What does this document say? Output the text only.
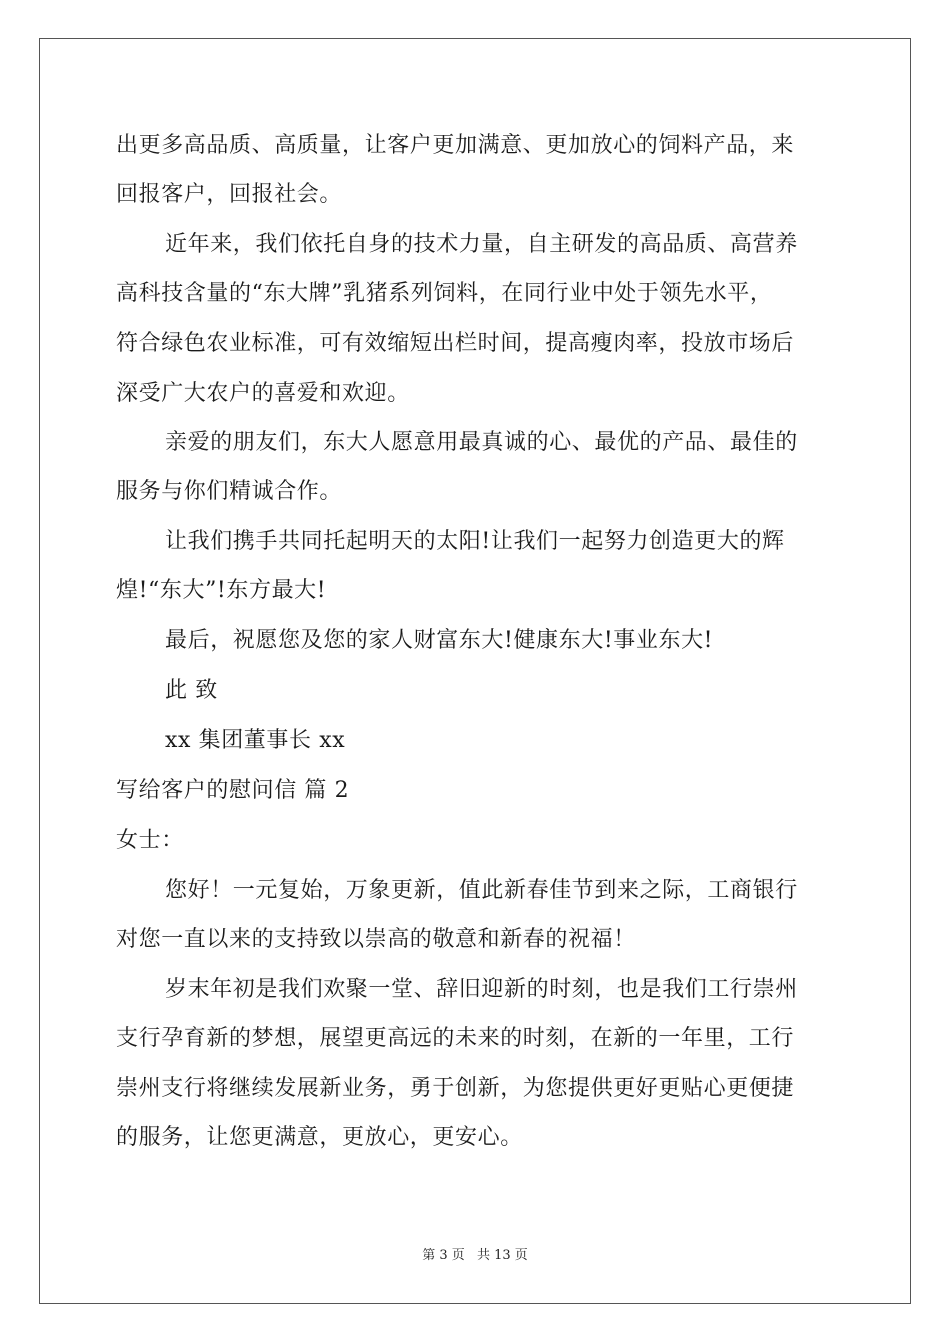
出更多高品质、高质量，让客户更加满意、更加放心的饲料产品，来
回报客户，回报社会。
近年来，我们依托自身的技术力量，自主研发的高品质、高营养
高科技含量的“东大牌”乳猪系列饲料，在同行业中处于领先水平，
符合绿色农业标准，可有效缩短出栏时间，提高瘦肉率，投放市场后
深受广大农户的喜爱和欢迎。
亲爱的朋友们，东大人愿意用最真诚的心、最优的产品、最佳的
服务与你们精诚合作。
让我们携手共同托起明天的太阳!让我们一起努力创造更大的辉
煌!“东大”!东方最大!
最后，祝愿您及您的家人财富东大!健康东大!事业东大!
此 致
xx 集团董事长 xx
写给客户的慰问信 篇 2
女士：
您好！一元复始，万象更新，值此新春佳节到来之际，工商银行
对您一直以来的支持致以崇高的敬意和新春的祝福！
岁末年初是我们欢聚一堂、辞旧迎新的时刻，也是我们工行崇州
支行孕育新的梦想，展望更高远的未来的时刻，在新的一年里，工行
崇州支行将继续发展新业务，勇于创新，为您提供更好更贴心更便捷
的服务，让您更满意，更放心，更安心。
第 3 页 共 13 页
